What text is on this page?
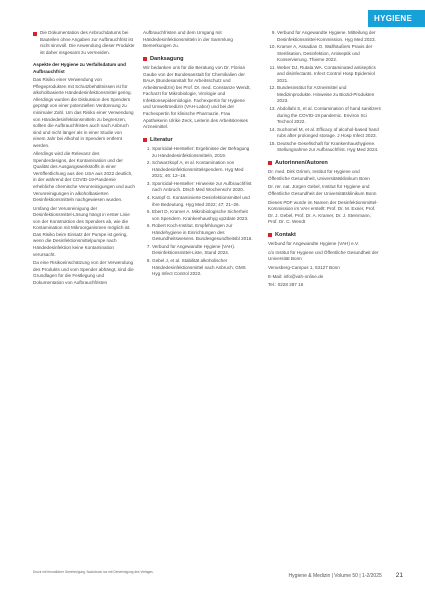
HYGIENE
Die Dokumentation des Anbruchdatums bei Bauteilen ohne Angaben zur Aufbrauchfrist ist nicht sinnvoll. Die Anwendung dieser Produkte ist daher insgesamt zu vermeiden.

Aspekte der Hygiene zu Verfallsdatum und Aufbrauchfrist

Das Risiko einer Verwendung von Pflegeprodukten mit Schutzbehältnissen ist für alkoholbasierte Händedesinfektionsmittel gering. Allerdings wurden die Diskussion des Spenders geprägt von einer potenziellen Verdünnung zu minimaler Zahl. Um das Risiko einer Verwendung von Händedesinfektionsmitteln zu begrenzen, sollten die Aufbrauchfristen auch nach Anbruch sind und nicht länger als in einer Studie von einem Jahr bei Alkohol in Spendern entfernt werden.

Allerdings wird die Relevanz des Spenderdesigns, der Kontamination und der Qualität des Ausgangswerkstoffs in einer Veröffentlichung aus den USA aus 2022 deutlich, in der während der COVID-19-Pandemie erhebliche chemische Verunreinigungen und auch Verunreinigungen in alkoholbasierten Desinfektionsmitteln nachgewiesen wurden.

Umfang der Verunreinigung der Desinfektionsmittel-Lösung hängt in erster Linie von der Konstruktion des Spenders ab, wie die Kontamination mit Mikroorganismen möglich ist. Das Risiko beim Einsatz der Pumpe ist gering, wenn die Desinfektionsmittelpumpe nach Händedesinfektion keine Kontamination verursacht.

Da eine Risikoeinschätzung von der Verwendung des Produkts und vom Spender abhängt, sind die Grundlagen für die Festlegung und Dokumentation von Aufbrauchfristen

Aufbrauchfristen und dem Umgang mit Händedesinfektionsmitteln in der Sammlung Bemerkungen zu.

Danksagung

Wir bedanken uns für die Beratung von Dr. Florian Gaube von der Bundesanstalt für Chemikalien der BAuA (Bundesanstalt für Arbeitsschutz und Arbeitsmedizin) bei Prof. Dr. med. Constanze Wendt, Facharzt für Mikrobiologie, Virologie und Infektionsepidemiologie. Fachexpertin für Hygiene und Umweltmedizin (VAH-Labor) und bei der Fachexpertin für klinische Pharmazie, Frau Apothekerin Ulrike Zeck, Leiterin des Arbeitskreises Arzneimittel.

Literatur
1. Sporicidal-Hersteller: Ergebnisse der Befragung zu Händedesinfektionsmitteln, 2019.
2. Schwarzkopf A, et al. Kontamination von Händedesinfektionsmittelspendern. Hyg Med 2021; 46: 12–18.
3. Sporicidal-Hersteller: Hinweise zur Aufbrauchfrist nach Anbruch. Dtsch Med Wochenschr 2020.
4. Kampf G. Kontaminierte Desinfektionsmittel und ihre Bedeutung. Hyg Med 2022; 47: 21–26.
5. Ebert D, Kramer A. Mikrobiologische Sicherheit von Spendern. Krankenhaushyg up2date 2023.
6. Robert Koch-Institut. Empfehlungen zur Händehygiene in Einrichtungen des Gesundheitswesens. Bundesgesundheitsbl 2016.
7. Verbund für Angewandte Hygiene (VAH). Desinfektionsmittel-Liste, Stand 2024.
8. Gebel J, et al. Stabilität alkoholischer Händedesinfektionsmittel nach Anbruch. GMS Hyg Infect Control 2022.
9. Verbund für Angewandte Hygiene. Mitteilung der Desinfektionsmittel-Kommission. Hyg Med 2023.
10. Kramer A, Assadian O. Wallhäußers Praxis der Sterilisation, Desinfektion, Antiseptik und Konservierung. Thieme 2022.
11. Weber DJ, Rutala WA. Contaminated antiseptics and disinfectants. Infect Control Hosp Epidemiol 2021.
12. Bundesinstitut für Arzneimittel und Medizinprodukte. Hinweise zu Biozid-Produkten 2023.
13. Abdollahi S, et al. Contamination of hand sanitizers during the COVID-19 pandemic. Environ Sci Technol 2022.
14. Suchomel M, et al. Efficacy of alcohol-based hand rubs after prolonged storage. J Hosp Infect 2023.
15. Deutsche Gesellschaft für Krankenhaushygiene. Stellungnahme zur Aufbrauchfrist. Hyg Med 2024.
Autorinnen/Autoren

Dr. med. Dirk Grimm, Institut für Hygiene und Öffentliche Gesundheit, Universitätsklinikum Bonn

Dr. rer. nat. Jürgen Gebel, Institut für Hygiene und Öffentliche Gesundheit der Universitätsklinikum Bonn

Dieses PDF wurde im Namen der Desinfektionsmittel-Kommission im VAH erstellt: Prof. Dr. M. Exner, Prof. Dr. J. Gebel, Prof. Dr. A. Kramer, Dr. J. Steinmann, Prof. Dr. C. Wendt

Kontakt

Verbund für Angewandte Hygiene (VAH) e.V.

c/o Institut für Hygiene und Öffentliche Gesundheit der Universität Bonn

Venusberg-Campus 1, 53127 Bonn

E-Mail: info@vah-online.de

Tel.: 0228 287 16

Druck mit freundlicher Genehmigung. Nachdruck nur mit Genehmigung des Verlages.
Hygiene & Medizin | Volume 50 | 1-2/2025 21
